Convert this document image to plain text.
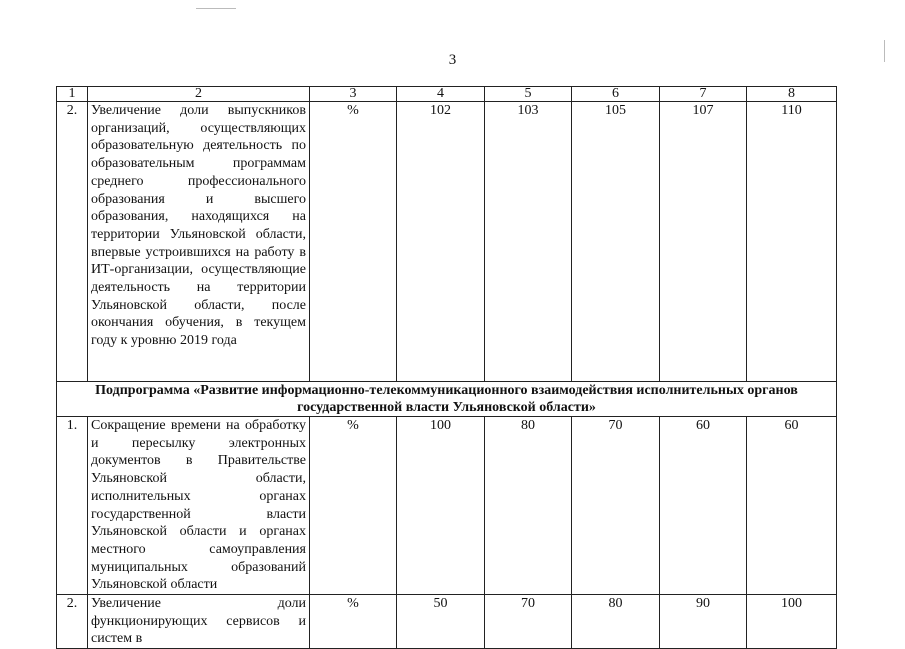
3
1	2	3	4	5	6	7	8
2.	Увеличение доли выпускников организаций, осуществляющих образовательную деятельность по образовательным программам среднего профессионального образования и высшего образования, находящихся на территории Ульяновской области, впервые устроившихся на работу в ИТ-организации, осуществляющие деятельность на территории Ульяновской области, после окончания обучения, в текущем году к уровню 2019 года	%	102	103	105	107	110
Подпрограмма «Развитие информационно-телекоммуникационного взаимодействия исполнительных органов государственной власти Ульяновской области»							
1.	Сокращение времени на обработку и пересылку электронных документов в Правительстве Ульяновской области, исполнительных органах государственной власти Ульяновской области и органах местного самоуправления муниципальных образований Ульяновской области	%	100	80	70	60	60
2.	Увеличение доли функционирующих сервисов и систем в	%	50	70	80	90	100
